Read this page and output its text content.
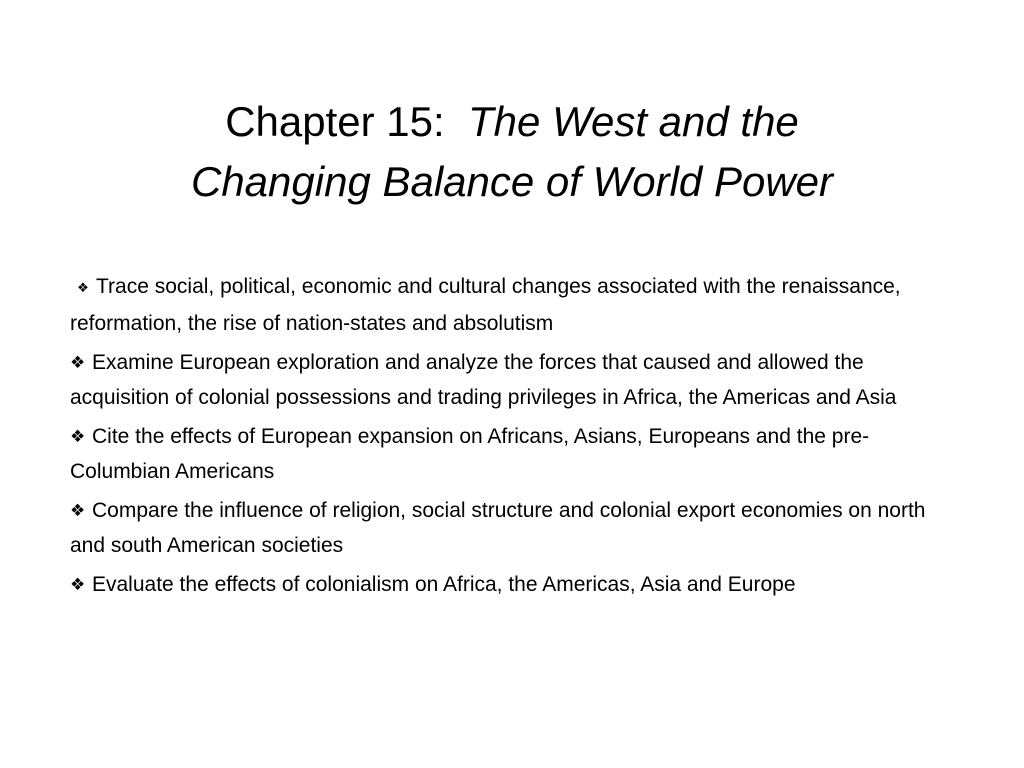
Chapter 15: The West and the
Changing Balance of World Power
❖ Trace social, political, economic and cultural changes associated with the renaissance, reformation, the rise of nation-states and absolutism
❖ Examine European exploration and analyze the forces that caused and allowed the acquisition of colonial possessions and trading privileges in Africa, the Americas and Asia
❖ Cite the effects of European expansion on Africans, Asians, Europeans and the pre-Columbian Americans
❖ Compare the influence of religion, social structure and colonial export economies on north and south American societies
❖ Evaluate the effects of colonialism on Africa, the Americas, Asia and Europe
